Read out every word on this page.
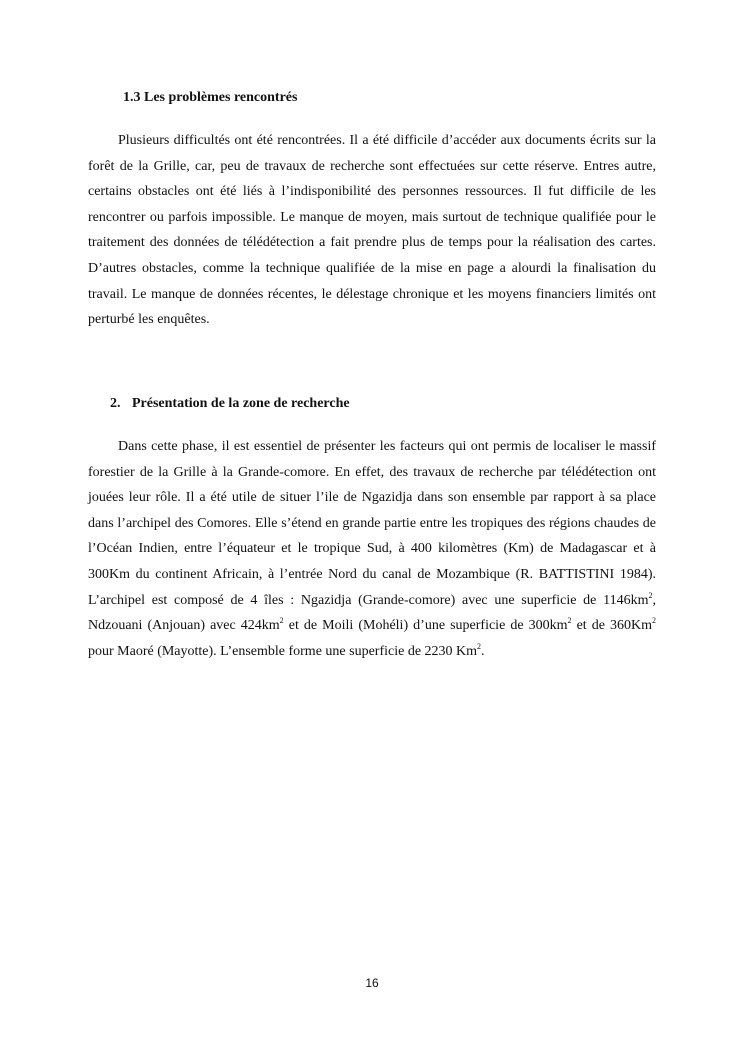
1.3 Les problèmes rencontrés

Plusieurs difficultés ont été rencontrées. Il a été difficile d’accéder aux documents écrits sur la forêt de la Grille, car, peu de travaux de recherche sont effectuées sur cette réserve. Entres autre, certains obstacles ont été liés à l’indisponibilité des personnes ressources. Il fut difficile de les rencontrer ou parfois impossible. Le manque de moyen, mais surtout de technique qualifiée pour le traitement des données de télédétection a fait prendre plus de temps pour la réalisation des cartes. D’autres obstacles, comme la technique qualifiée de la mise en page a alourdi la finalisation du travail. Le manque de données récentes, le délestage chronique et les moyens financiers limités ont perturbé les enquêtes.

2. Présentation de la zone de recherche

Dans cette phase, il est essentiel de présenter les facteurs qui ont permis de localiser le massif forestier de la Grille à la Grande-comore. En effet, des travaux de recherche par télédétection ont jouées leur rôle. Il a été utile de situer l’ile de Ngazidja dans son ensemble par rapport à sa place dans l’archipel des Comores. Elle s’étend en grande partie entre les tropiques des régions chaudes de l’Océan Indien, entre l’équateur et le tropique Sud, à 400 kilomètres (Km) de Madagascar et à 300Km du continent Africain, à l’entrée Nord du canal de Mozambique (R. BATTISTINI 1984). L’archipel est composé de 4 îles : Ngazidja (Grande-comore) avec une superficie de $1146km^2$, Ndzouani (Anjouan) avec $424km^2$ et de Moili (Mohéli) d’une superficie de $300km^2$ et de 360Km$^2$ pour Maoré (Mayotte). L’ensemble forme une superficie de 2230 Km$^2$.

16
